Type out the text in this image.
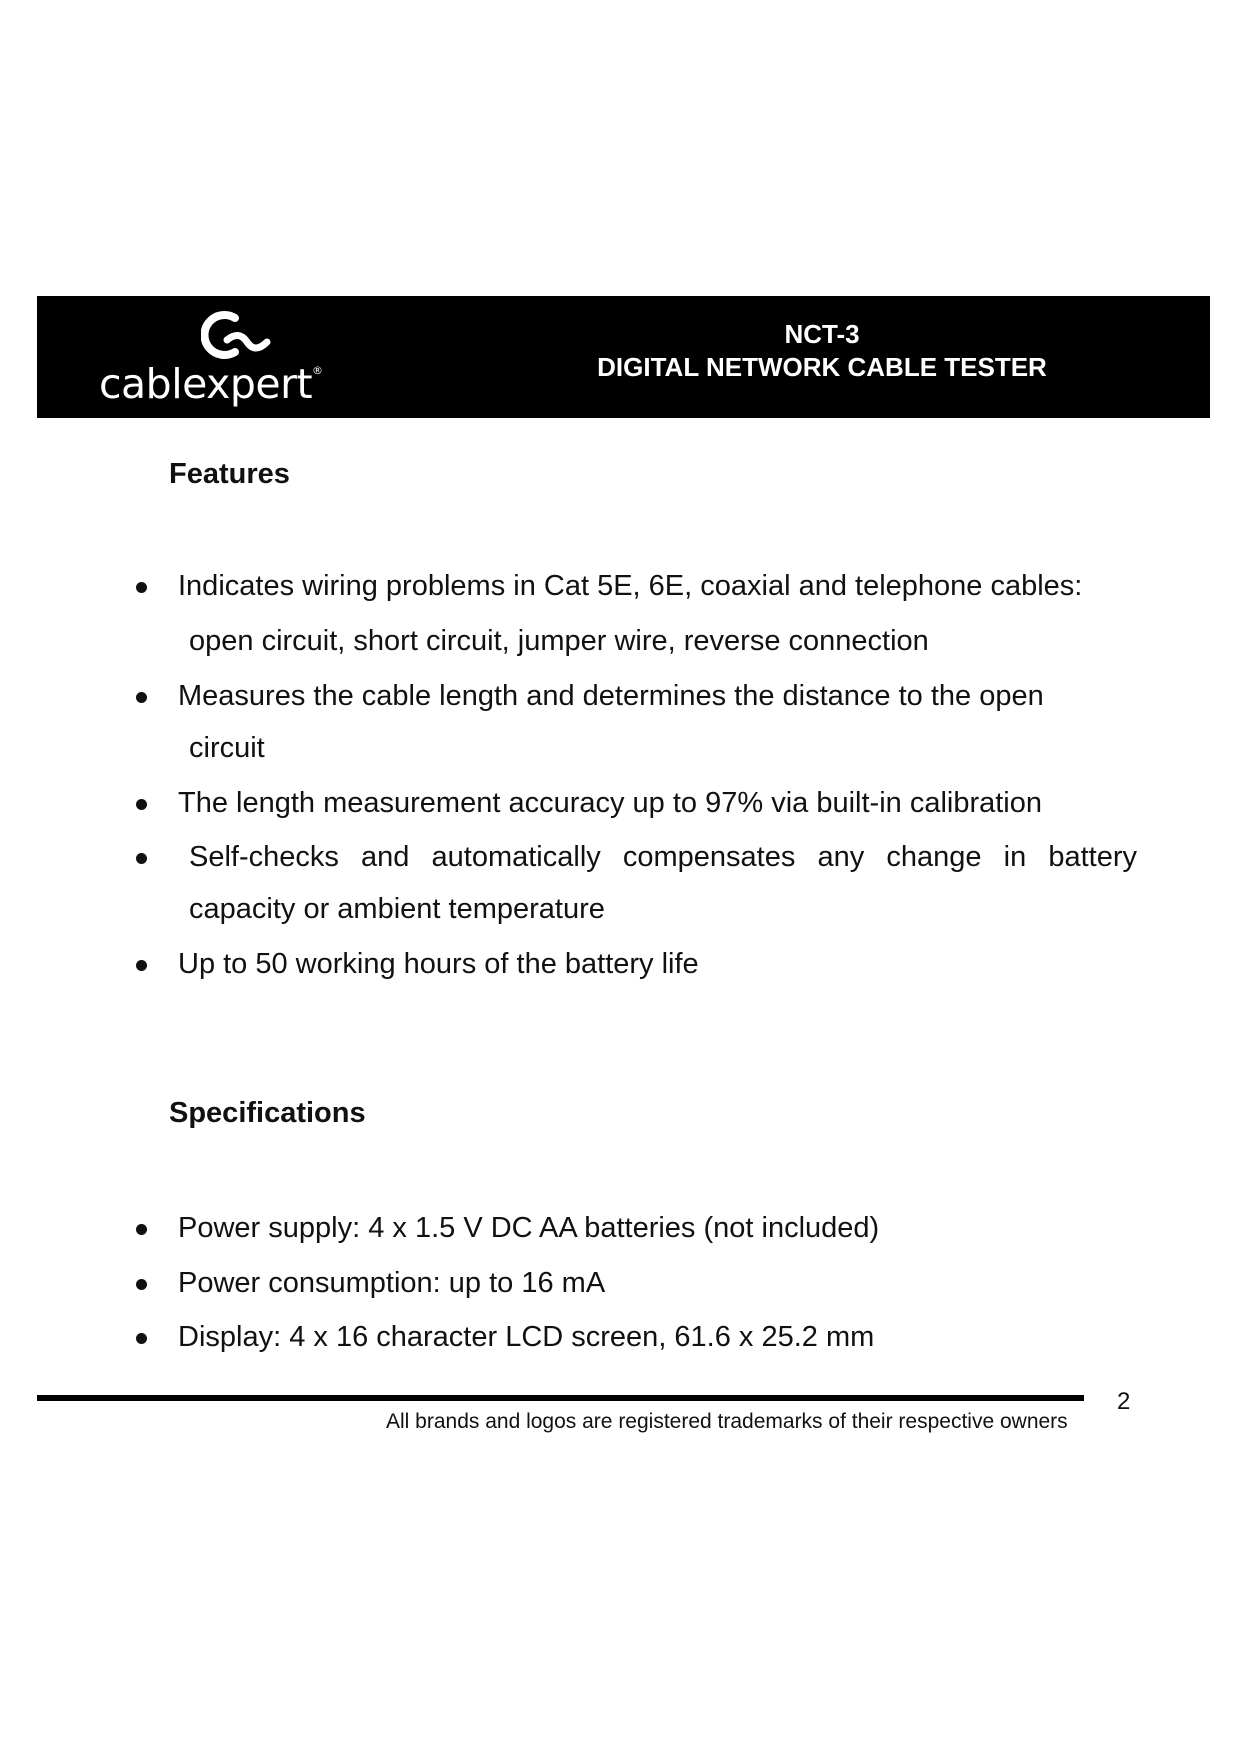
cablexpert®
NCT-3
DIGITAL NETWORK CABLE TESTER
Features
Indicates wiring problems in Cat 5E, 6E, coaxial and telephone cables:
open circuit, short circuit, jumper wire, reverse connection
Measures the cable length and determines the distance to the open
circuit
The length measurement accuracy up to 97% via built-in calibration
Self-checks and automatically compensates any change in battery
capacity or ambient temperature
Up to 50 working hours of the battery life
Specifications
Power supply: 4 x 1.5 V DC AA batteries (not included)
Power consumption: up to 16 mA
Display: 4 x 16 character LCD screen, 61.6 x 25.2 mm
2
All brands and logos are registered trademarks of their respective owners
